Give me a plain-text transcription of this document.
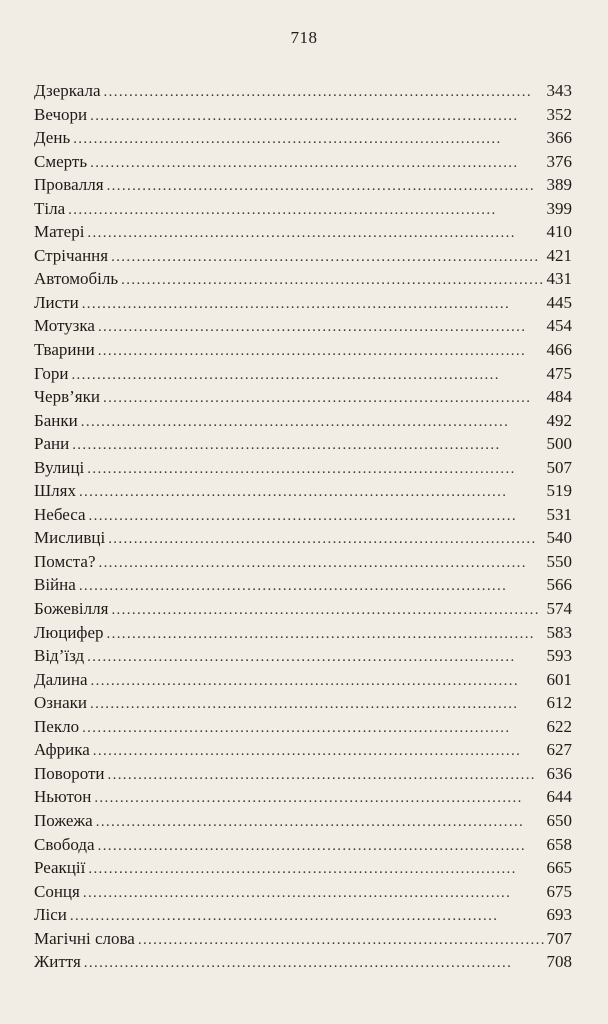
718
Дзеркала . . .	343
Вечори . . .	352
День . . .	366
Смерть . . .	376
Провалля . . .	389
Тіла . . .	399
Матері . . .	410
Стрічання . . .	421
Автомобіль . . .	431
Листи . . .	445
Мотузка . . .	454
Тварини . . .	466
Гори . . .	475
Черв’яки . . .	484
Банки . . .	492
Рани . . .	500
Вулиці . . .	507
Шлях . . .	519
Небеса . . .	531
Мисливці . . .	540
Помста? . . .	550
Війна . . .	566
Божевілля . . .	574
Люцифер . . .	583
Від’їзд . . .	593
Далина . . .	601
Ознаки . . .	612
Пекло . . .	622
Африка . . .	627
Повороти . . .	636
Ньютон . . .	644
Пожежа . . .	650
Свобода . . .	658
Реакції . . .	665
Сонця . . .	675
Ліси . . .	693
Магічні слова . . .	707
Життя . . .	708
